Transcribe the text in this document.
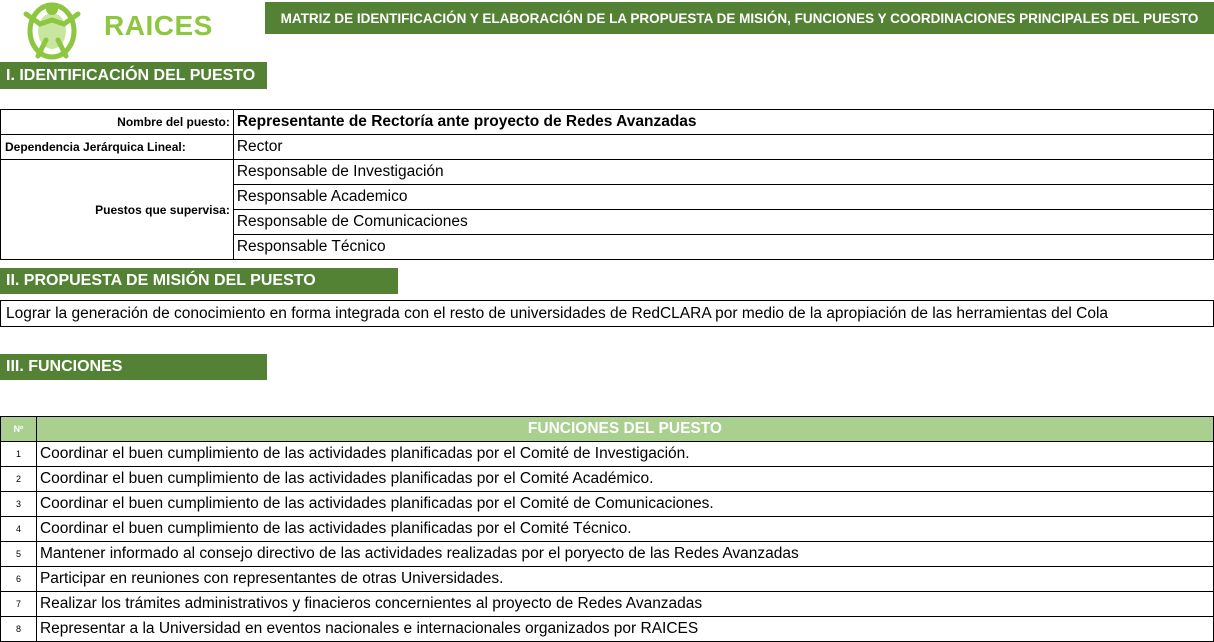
RAICES	MATRIZ DE IDENTIFICACIÓN Y ELABORACIÓN DE LA PROPUESTA DE MISIÓN, FUNCIONES Y COORDINACIONES PRINCIPALES DEL PUESTO
I. IDENTIFICACIÓN DEL PUESTO
Nombre del puesto:	Representante de Rectoría ante proyecto de Redes Avanzadas
Dependencia Jerárquica Lineal:	Rector
Puestos que supervisa:	Responsable de Investigación
	Responsable Academico
	Responsable de Comunicaciones
	Responsable Técnico
II. PROPUESTA DE MISIÓN DEL PUESTO
Lograr la generación de conocimiento en forma integrada con el resto de universidades de RedCLARA por medio de la apropiación de las herramientas del Cola
III. FUNCIONES
Nº	FUNCIONES DEL PUESTO
1	Coordinar el buen cumplimiento de las actividades planificadas por el Comité de Investigación.
2	Coordinar el buen cumplimiento de las actividades planificadas por el Comité Académico.
3	Coordinar el buen cumplimiento de las actividades planificadas por el Comité de Comunicaciones.
4	Coordinar el buen cumplimiento de las actividades planificadas por el Comité Técnico.
5	Mantener informado al consejo directivo de las actividades realizadas por el poryecto de las Redes Avanzadas
6	Participar en reuniones con representantes de otras Universidades.
7	Realizar los trámites administrativos y finacieros concernientes al proyecto de Redes Avanzadas
8	Representar a la Universidad en eventos nacionales e internacionales organizados por RAICES
